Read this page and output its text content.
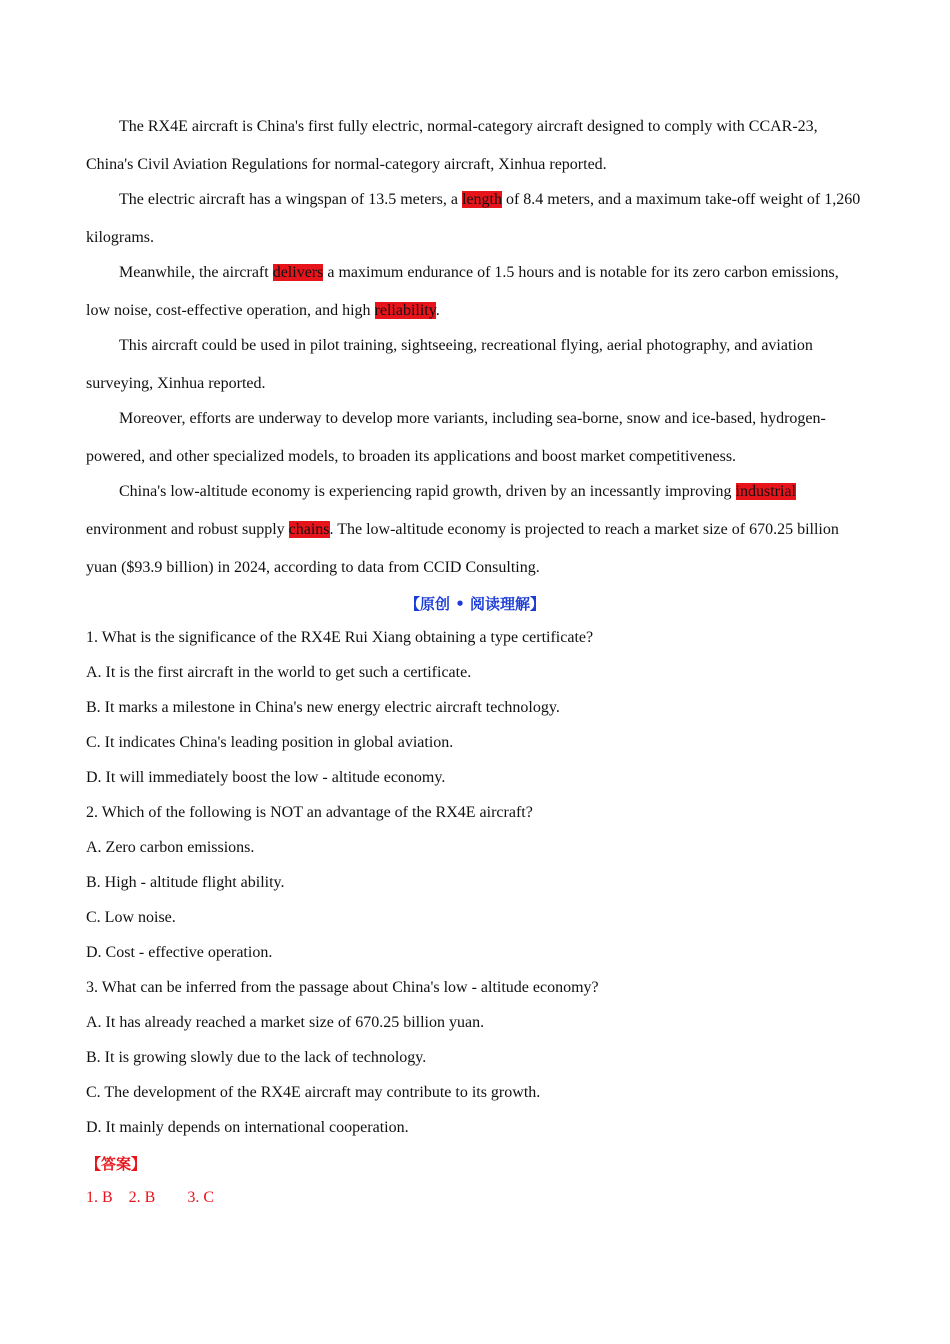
The RX4E aircraft is China's first fully electric, normal-category aircraft designed to comply with CCAR-23, China's Civil Aviation Regulations for normal-category aircraft, Xinhua reported.

The electric aircraft has a wingspan of 13.5 meters, a length of 8.4 meters, and a maximum take-off weight of 1,260 kilograms.

Meanwhile, the aircraft delivers a maximum endurance of 1.5 hours and is notable for its zero carbon emissions, low noise, cost-effective operation, and high reliability.

This aircraft could be used in pilot training, sightseeing, recreational flying, aerial photography, and aviation surveying, Xinhua reported.

Moreover, efforts are underway to develop more variants, including sea-borne, snow and ice-based, hydrogen-powered, and other specialized models, to broaden its applications and boost market competitiveness.

China's low-altitude economy is experiencing rapid growth, driven by an incessantly improving industrial environment and robust supply chains. The low-altitude economy is projected to reach a market size of 670.25 billion yuan ($93.9 billion) in 2024, according to data from CCID Consulting.

【原创 • 阅读理解】

1. What is the significance of the RX4E Rui Xiang obtaining a type certificate?

A. It is the first aircraft in the world to get such a certificate.

B. It marks a milestone in China's new energy electric aircraft technology.

C. It indicates China's leading position in global aviation.

D. It will immediately boost the low - altitude economy.

2. Which of the following is NOT an advantage of the RX4E aircraft?

A. Zero carbon emissions.

B. High - altitude flight ability.

C. Low noise.

D. Cost - effective operation.

3. What can be inferred from the passage about China's low - altitude economy?

A. It has already reached a market size of 670.25 billion yuan.

B. It is growing slowly due to the lack of technology.

C. The development of the RX4E aircraft may contribute to its growth.

D. It mainly depends on international cooperation.

【答案】
1. B    2. B        3. C
